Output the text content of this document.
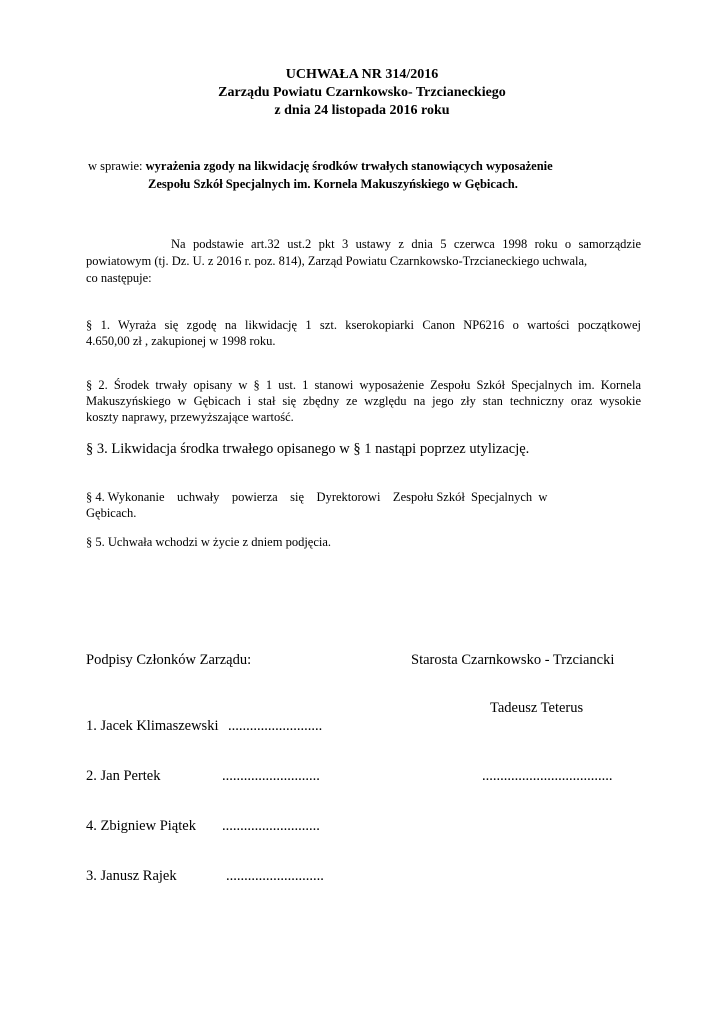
UCHWAŁA NR 314/2016
Zarządu Powiatu Czarnkowsko- Trzcianeckiego
z dnia 24 listopada 2016 roku
w sprawie: wyrażenia zgody na likwidację środków trwałych stanowiących wyposażenie
Zespołu Szkół Specjalnych im. Kornela Makuszyńskiego w Gębicach.
Na podstawie art.32 ust.2 pkt 3 ustawy z dnia 5 czerwca 1998 roku o samorządzie
powiatowym (tj. Dz. U. z 2016 r. poz. 814), Zarząd Powiatu Czarnkowsko-Trzcianeckiego uchwala,
co następuje:
§ 1. Wyraża się zgodę na likwidację 1 szt. kserokopiarki Canon NP6216 o wartości początkowej
4.650,00 zł , zakupionej w 1998 roku.
§ 2. Środek trwały opisany w § 1 ust. 1 stanowi wyposażenie Zespołu Szkół Specjalnych im. Kornela
Makuszyńskiego w Gębicach i stał się zbędny ze względu na jego zły stan techniczny oraz wysokie
koszty naprawy, przewyższające wartość.
§ 3. Likwidacja środka trwałego opisanego w § 1 nastąpi poprzez utylizację.
§ 4. Wykonanie    uchwały    powierza    się    Dyrektorowi    Zespołu Szkół  Specjalnych  w
Gębicach.
§ 5. Uchwała wchodzi w życie z dniem podjęcia.
Podpisy Członków Zarządu:	Starosta Czarnkowsko - Trzciancki
Tadeusz Teterus
1. Jacek Klimaszewski ..........................
2. Jan Pertek	...........................	....................................
4. Zbigniew Piątek ...........................
3. Janusz Rajek	...........................
